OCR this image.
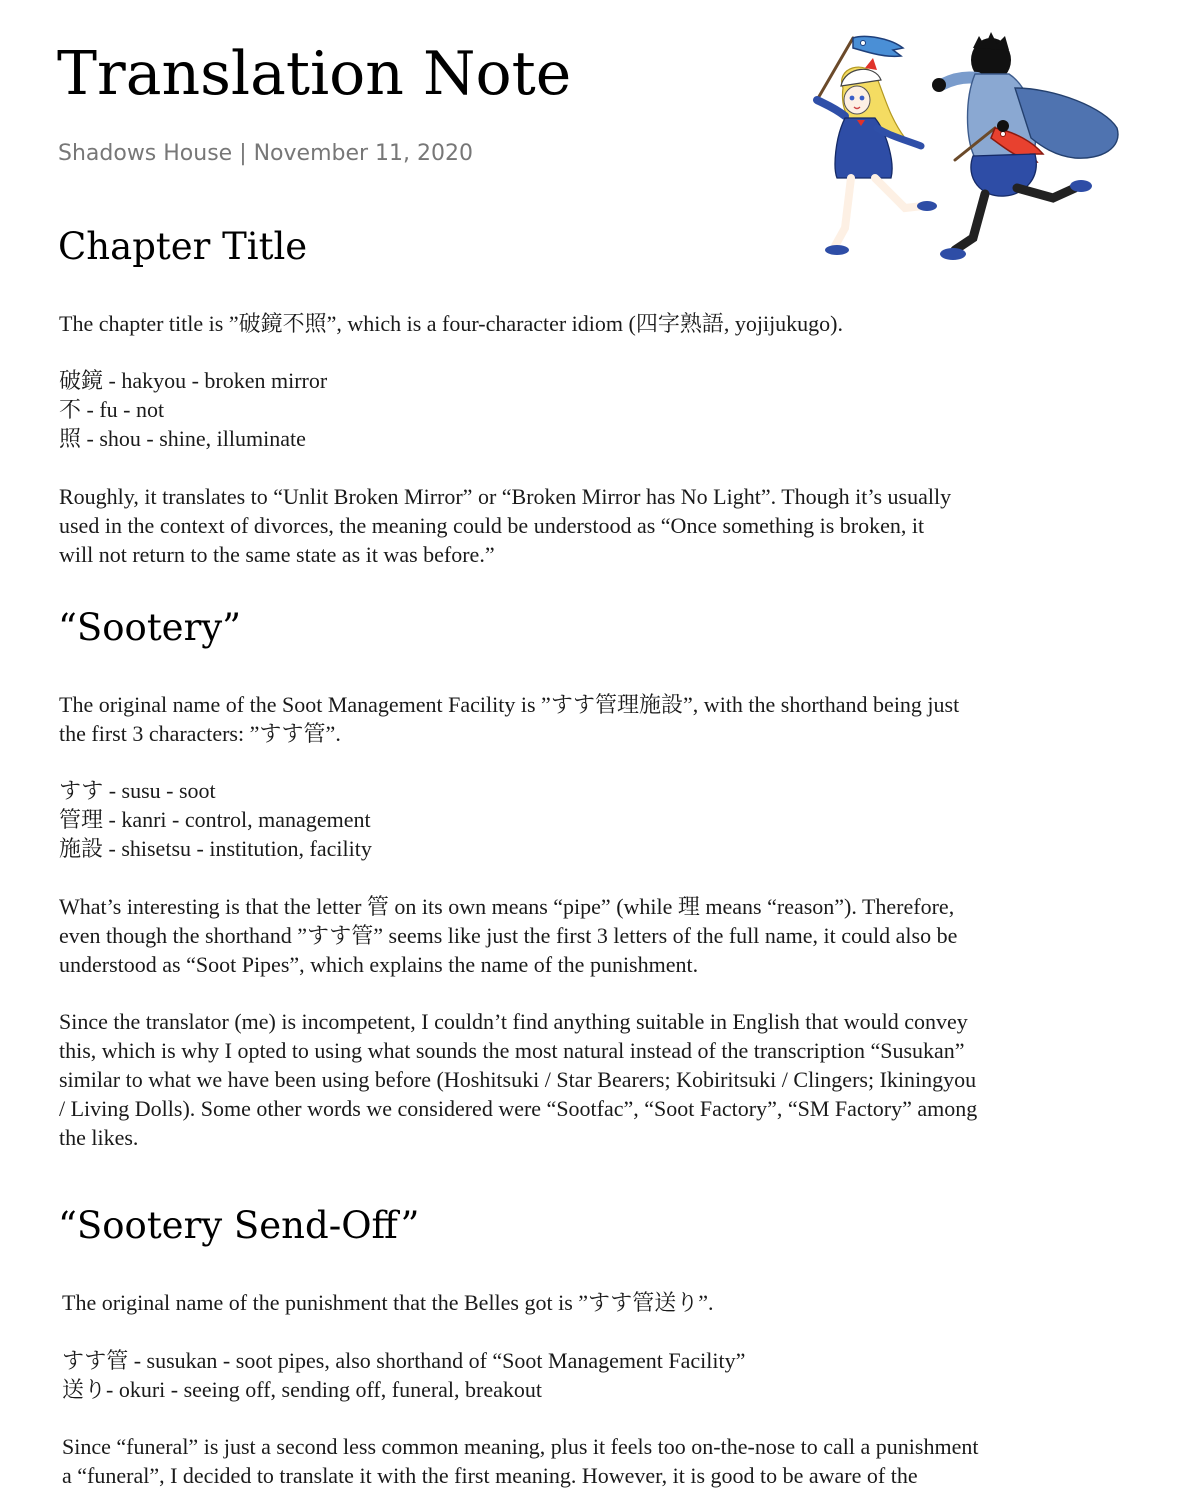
Translation Note
Shadows House | November 11, 2020
Chapter Title

The chapter title is ”破鏡不照”, which is a four-character idiom (四字熟語, yojijukugo).

破鏡 - hakyou - broken mirror
不 - fu - not
照 - shou - shine, illuminate

Roughly, it translates to “Unlit Broken Mirror” or “Broken Mirror has No Light”. Though it’s usually
used in the context of divorces, the meaning could be understood as “Once something is broken, it
will not return to the same state as it was before.”

“Sootery”

The original name of the Soot Management Facility is ”すす管理施設”, with the shorthand being just
the first 3 characters: ”すす管”.

すす - susu - soot
管理 - kanri - control, management
施設 - shisetsu - institution, facility

What’s interesting is that the letter 管 on its own means “pipe” (while 理 means “reason”). Therefore,
even though the shorthand ”すす管” seems like just the first 3 letters of the full name, it could also be
understood as “Soot Pipes”, which explains the name of the punishment.

Since the translator (me) is incompetent, I couldn’t find anything suitable in English that would convey
this, which is why I opted to using what sounds the most natural instead of the transcription “Susukan”
similar to what we have been using before (Hoshitsuki / Star Bearers; Kobiritsuki / Clingers; Ikiningyou
/ Living Dolls). Some other words we considered were “Sootfac”, “Soot Factory”, “SM Factory” among
the likes.

“Sootery Send-Off”

The original name of the punishment that the Belles got is ”すす管送り”.

すす管 - susukan - soot pipes, also shorthand of “Soot Management Facility”
送り- okuri - seeing off, sending off, funeral, breakout

Since “funeral” is just a second less common meaning, plus it feels too on-the-nose to call a punishment
a “funeral”, I decided to translate it with the first meaning. However, it is good to be aware of the
